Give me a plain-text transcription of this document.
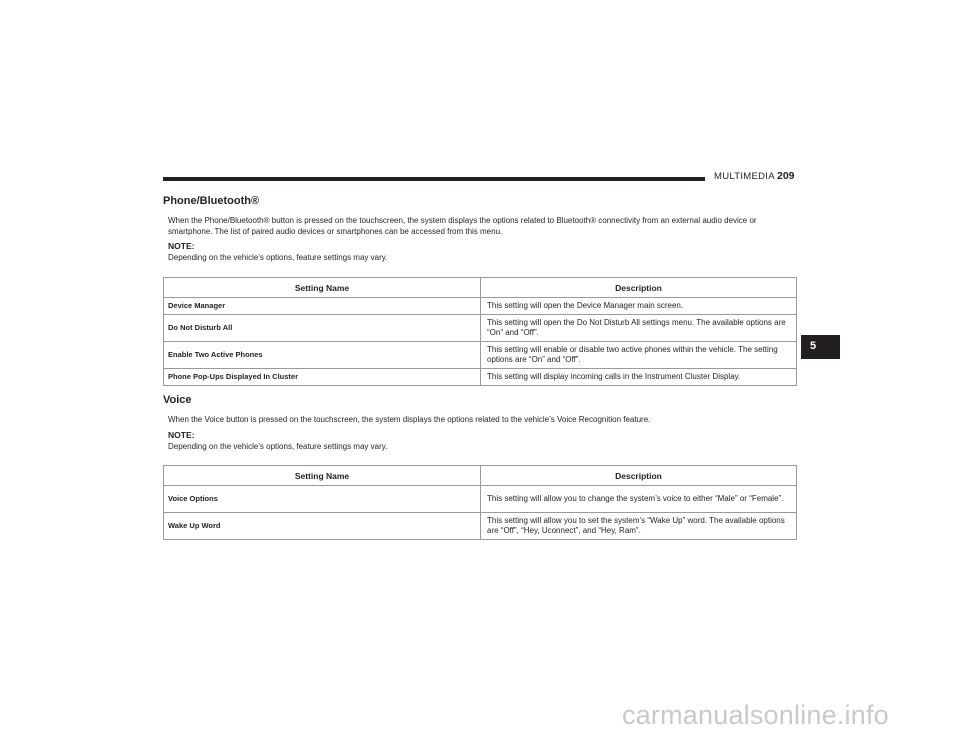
MULTIMEDIA 209
Phone/Bluetooth®
When the Phone/Bluetooth® button is pressed on the touchscreen, the system displays the options related to Bluetooth® connectivity from an external audio device or smartphone. The list of paired audio devices or smartphones can be accessed from this menu.
NOTE:
Depending on the vehicle’s options, feature settings may vary.
Setting Name	Description
Device Manager	This setting will open the Device Manager main screen.
Do Not Disturb All	This setting will open the Do Not Disturb All settings menu. The available options are “On” and “Off”.
Enable Two Active Phones	This setting will enable or disable two active phones within the vehicle. The setting options are “On” and “Off”.
Phone Pop-Ups Displayed In Cluster	This setting will display incoming calls in the Instrument Cluster Display.
Voice
When the Voice button is pressed on the touchscreen, the system displays the options related to the vehicle’s Voice Recognition feature.
NOTE:
Depending on the vehicle’s options, feature settings may vary.
Setting Name	Description
Voice Options	This setting will allow you to change the system’s voice to either “Male” or “Female”.
Wake Up Word	This setting will allow you to set the system’s “Wake Up” word. The available options are “Off”, “Hey, Uconnect”, and “Hey, Ram”.
5
carmanualsonline.info
